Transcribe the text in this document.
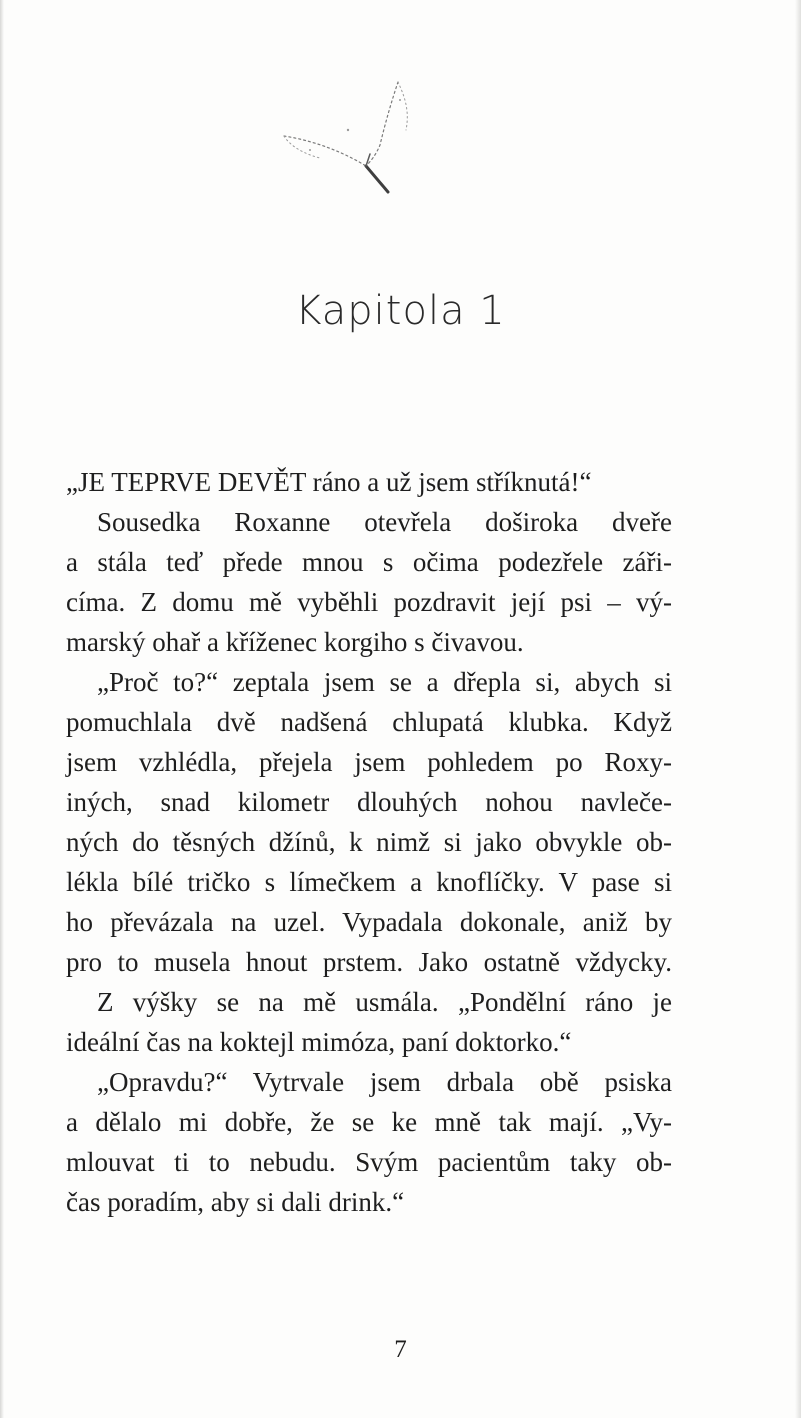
Kapitola 1
„JE TEPRVE DEVĚT ráno a už jsem stříknutá!“
Sousedka Roxanne otevřela doširoka dveře
a stála teď přede mnou s očima podezřele záři-
címa. Z domu mě vyběhli pozdravit její psi – vý-
marský ohař a kříženec korgiho s čivavou.
„Proč to?“ zeptala jsem se a dřepla si, abych si
pomuchlala dvě nadšená chlupatá klubka. Když
jsem vzhlédla, přejela jsem pohledem po Roxy-
iných, snad kilometr dlouhých nohou navleče-
ných do těsných džínů, k nimž si jako obvykle ob-
lékla bílé tričko s límečkem a knoflíčky. V pase si
ho převázala na uzel. Vypadala dokonale, aniž by
pro to musela hnout prstem. Jako ostatně vždycky.
Z výšky se na mě usmála. „Pondělní ráno je
ideální čas na koktejl mimóza, paní doktorko.“
„Opravdu?“ Vytrvale jsem drbala obě psiska
a dělalo mi dobře, že se ke mně tak mají. „Vy-
mlouvat ti to nebudu. Svým pacientům taky ob-
čas poradím, aby si dali drink.“
7
